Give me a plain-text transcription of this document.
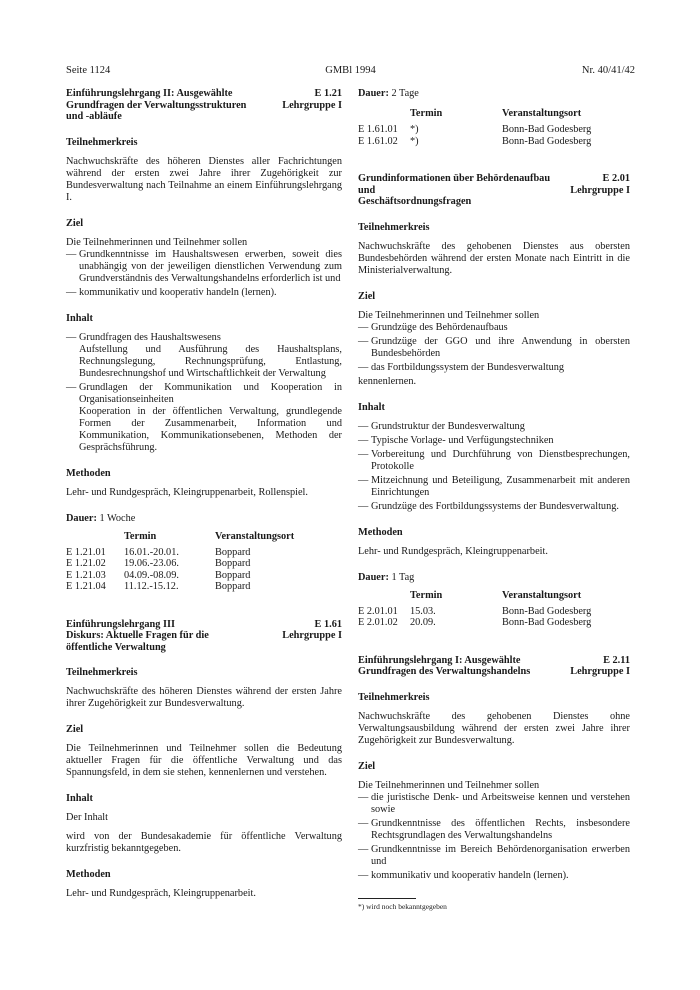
Seite 1124	GMBl 1994	Nr. 40/41/42
Einführungslehrgang II: Ausgewählte
Grundfragen der Verwaltungsstrukturen
und -abläufe
E 1.21
Lehrgruppe I
Teilnehmerkreis

Nachwuchskräfte des höheren Dienstes aller Fachrichtungen während der ersten zwei Jahre ihrer Zugehörigkeit zur Bundesverwaltung nach Teilnahme an einem Einführungslehrgang I.

Ziel

Die Teilnehmerinnen und Teilnehmer sollen

— Grundkenntnisse im Haushaltswesen erwerben, soweit dies unabhängig von der jeweiligen dienstlichen Verwendung zum Grundverständnis des Verwaltungshandelns erforderlich ist und
— kommunikativ und kooperativ handeln (lernen).
Inhalt
— Grundfragen des Haushaltswesens
Aufstellung und Ausführung des Haushaltsplans, Rechnungslegung, Rechnungsprüfung, Entlastung, Bundesrechnungshof und Wirtschaftlichkeit der Verwaltung
— Grundlagen der Kommunikation und Kooperation in Organisationseinheiten
Kooperation in der öffentlichen Verwaltung, grundlegende Formen der Zusammenarbeit, Information und Kommunikation, Kommunikationsebenen, Methoden der Gesprächsführung.
Methoden

Lehr- und Rundgespräch, Kleingruppenarbeit, Rollenspiel.

Dauer: 1 Woche
	Termin	Veranstaltungsort
E 1.21.01	16.01.-20.01.	Boppard
E 1.21.02	19.06.-23.06.	Boppard
E 1.21.03	04.09.-08.09.	Boppard
E 1.21.04	11.12.-15.12.	Boppard
Einführungslehrgang III
Diskurs: Aktuelle Fragen für die
öffentliche Verwaltung
E 1.61
Lehrgruppe I
Teilnehmerkreis

Nachwuchskräfte des höheren Dienstes während der ersten Jahre ihrer Zugehörigkeit zur Bundesverwaltung.

Ziel

Die Teilnehmerinnen und Teilnehmer sollen die Bedeutung aktueller Fragen für die öffentliche Verwaltung und das Spannungsfeld, in dem sie stehen, kennenlernen und verstehen.

Inhalt

Der Inhalt

wird von der Bundesakademie für öffentliche Verwaltung kurzfristig bekanntgegeben.

Methoden

Lehr- und Rundgespräch, Kleingruppenarbeit.

Dauer: 2 Tage
	Termin	Veranstaltungsort
E 1.61.01	*)	Bonn-Bad Godesberg
E 1.61.02	*)	Bonn-Bad Godesberg
Grundinformationen über Behördenaufbau und
Geschäftsordnungsfragen
E 2.01
Lehrgruppe I
Teilnehmerkreis

Nachwuchskräfte des gehobenen Dienstes aus obersten Bundesbehörden während der ersten Monate nach Eintritt in die Ministerialverwaltung.

Ziel

Die Teilnehmerinnen und Teilnehmer sollen

— Grundzüge des Behördenaufbaus
— Grundzüge der GGO und ihre Anwendung in obersten Bundesbehörden
— das Fortbildungssystem der Bundesverwaltung

kennenlernen.

Inhalt
— Grundstruktur der Bundesverwaltung
— Typische Vorlage- und Verfügungstechniken
— Vorbereitung und Durchführung von Dienstbesprechungen, Protokolle
— Mitzeichnung und Beteiligung, Zusammenarbeit mit anderen Einrichtungen
— Grundzüge des Fortbildungssystems der Bundesverwaltung.
Methoden

Lehr- und Rundgespräch, Kleingruppenarbeit.

Dauer: 1 Tag
	Termin	Veranstaltungsort
E 2.01.01	15.03.	Bonn-Bad Godesberg
E 2.01.02	20.09.	Bonn-Bad Godesberg
Einführungslehrgang I: Ausgewählte
Grundfragen des Verwaltungshandelns
E 2.11
Lehrgruppe I
Teilnehmerkreis

Nachwuchskräfte des gehobenen Dienstes ohne Verwaltungsausbildung während der ersten zwei Jahre ihrer Zugehörigkeit zur Bundesverwaltung.

Ziel

Die Teilnehmerinnen und Teilnehmer sollen

— die juristische Denk- und Arbeitsweise kennen und verstehen sowie
— Grundkenntnisse des öffentlichen Rechts, insbesondere Rechtsgrundlagen des Verwaltungshandelns
— Grundkenntnisse im Bereich Behördenorganisation erwerben und
— kommunikativ und kooperativ handeln (lernen).
*) wird noch bekanntgegeben
